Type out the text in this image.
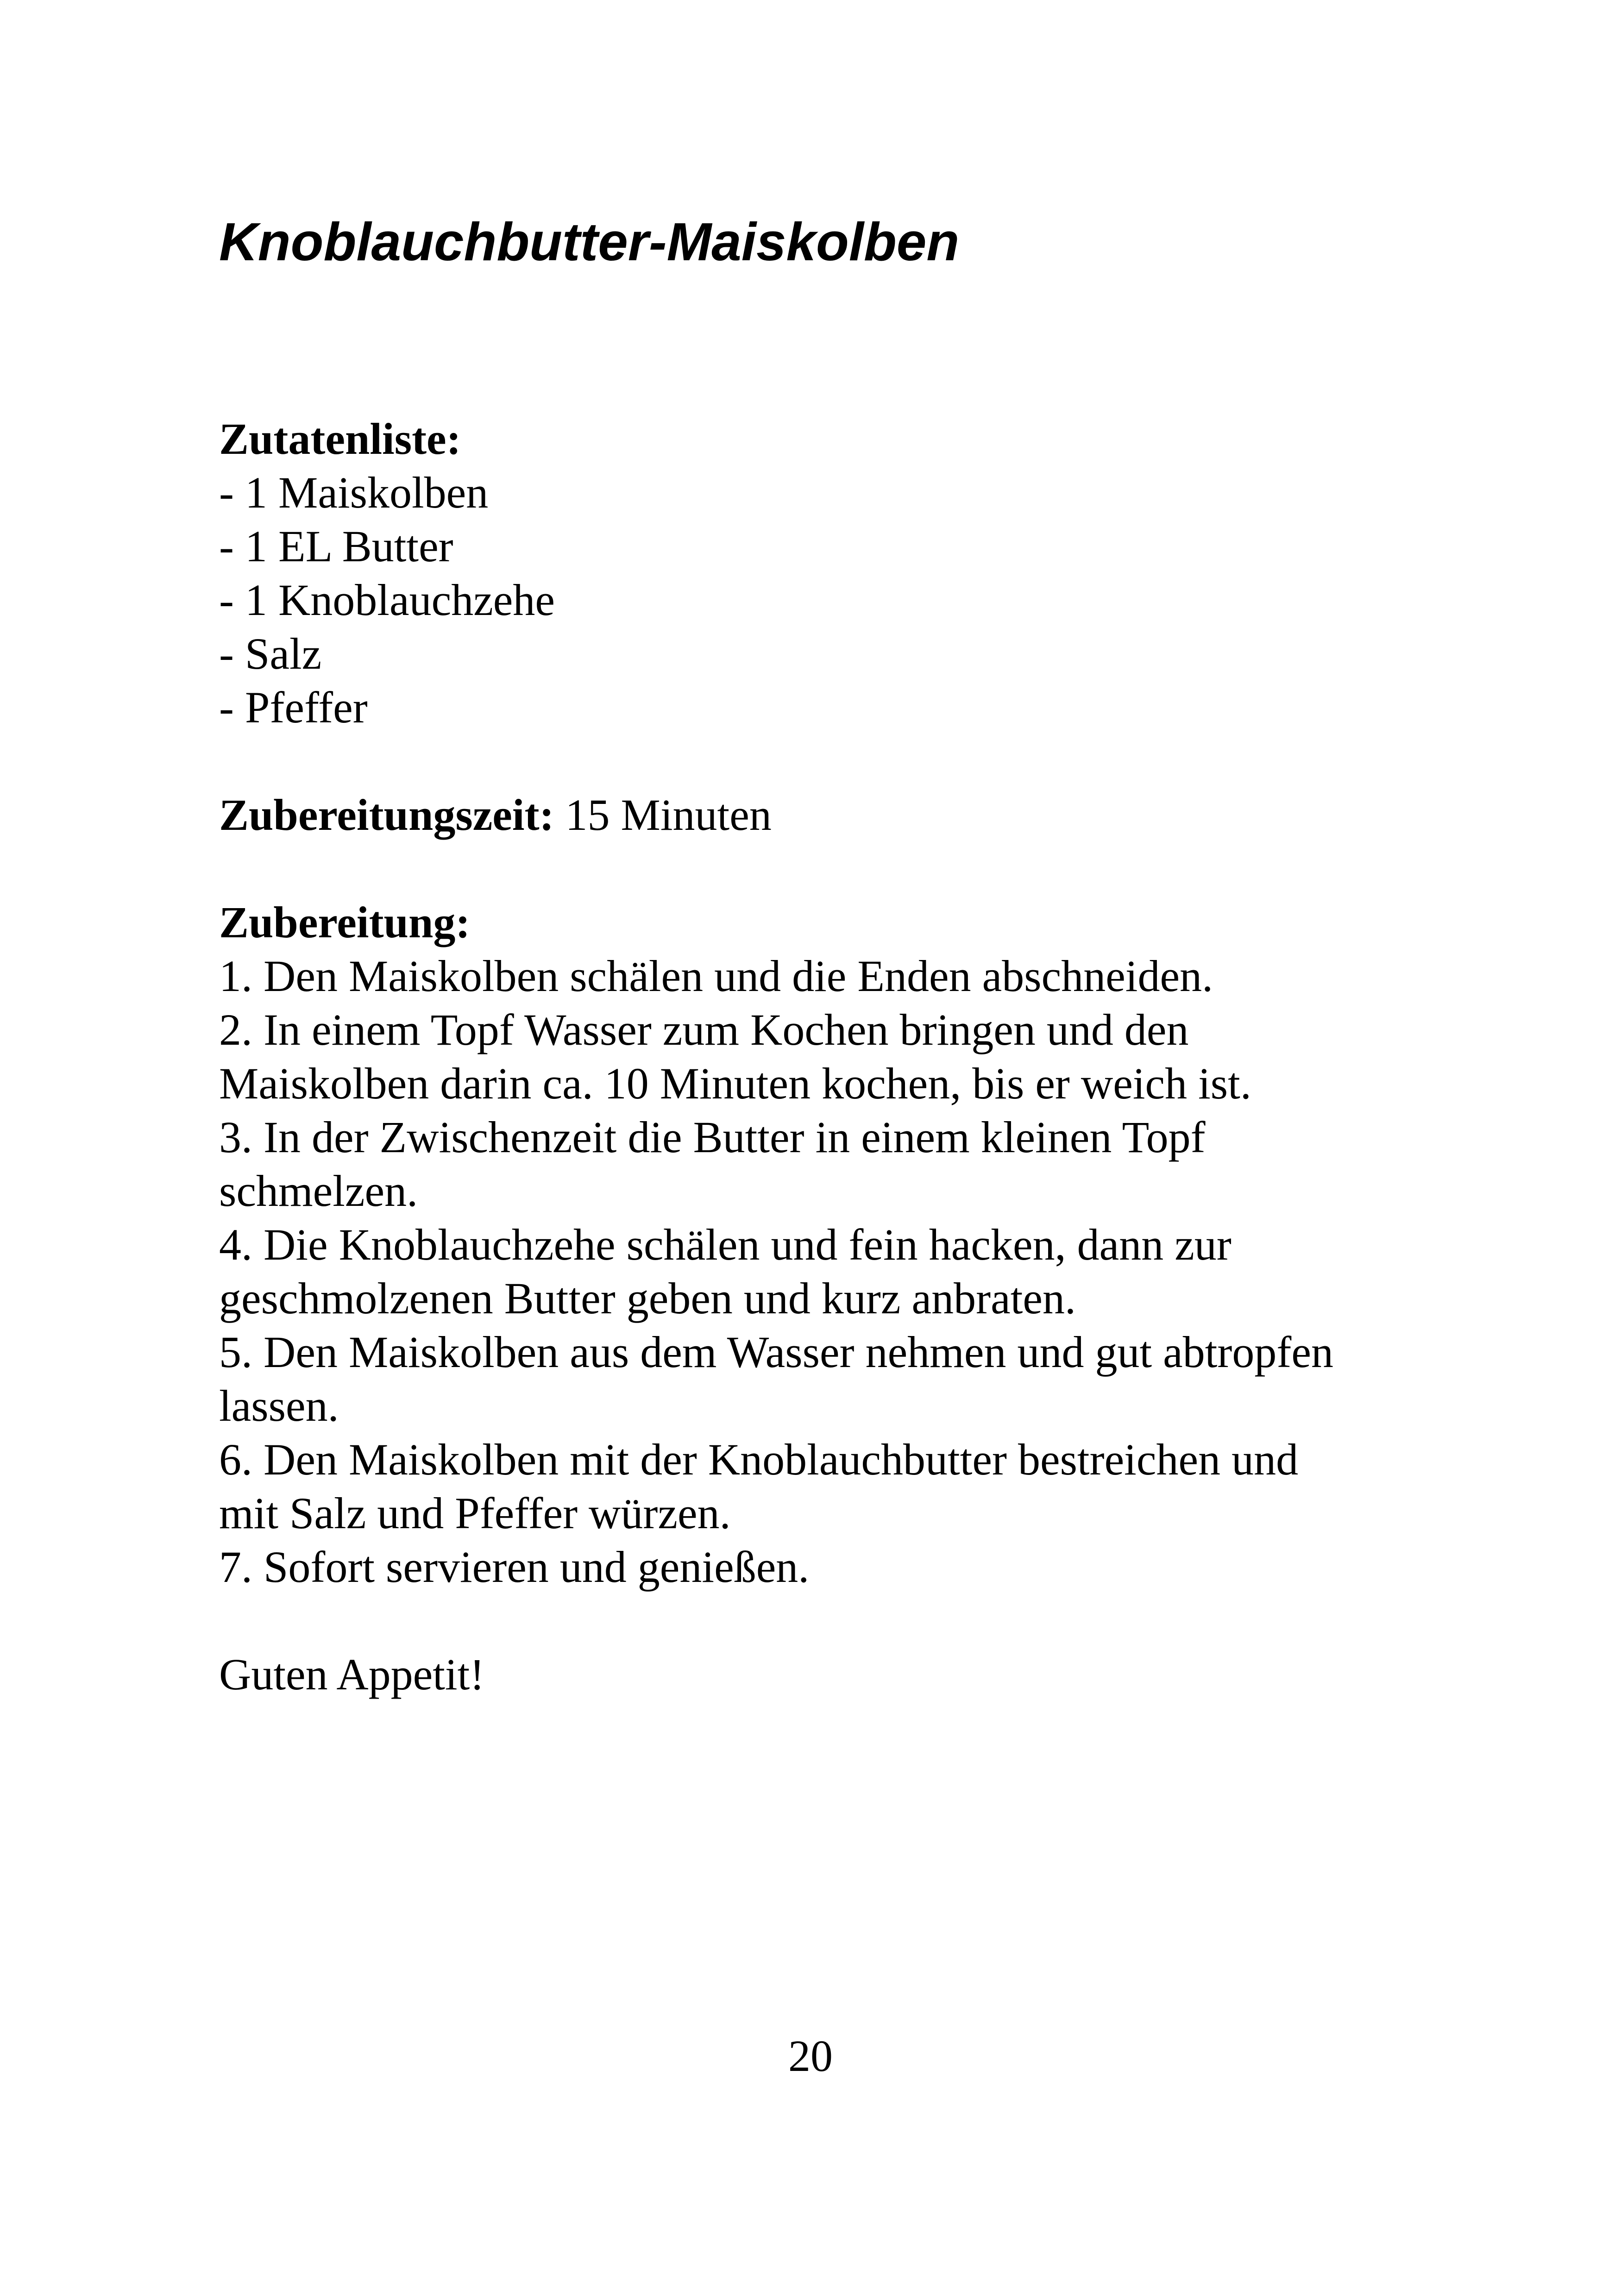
Knoblauchbutter-Maiskolben
Zutatenliste:
- 1 Maiskolben
- 1 EL Butter
- 1 Knoblauchzehe
- Salz
- Pfeffer
Zubereitungszeit: 15 Minuten
Zubereitung:
1. Den Maiskolben schälen und die Enden abschneiden.
2. In einem Topf Wasser zum Kochen bringen und den
Maiskolben darin ca. 10 Minuten kochen, bis er weich ist.
3. In der Zwischenzeit die Butter in einem kleinen Topf
schmelzen.
4. Die Knoblauchzehe schälen und fein hacken, dann zur
geschmolzenen Butter geben und kurz anbraten.
5. Den Maiskolben aus dem Wasser nehmen und gut abtropfen
lassen.
6. Den Maiskolben mit der Knoblauchbutter bestreichen und
mit Salz und Pfeffer würzen.
7. Sofort servieren und genießen.
Guten Appetit!
20
